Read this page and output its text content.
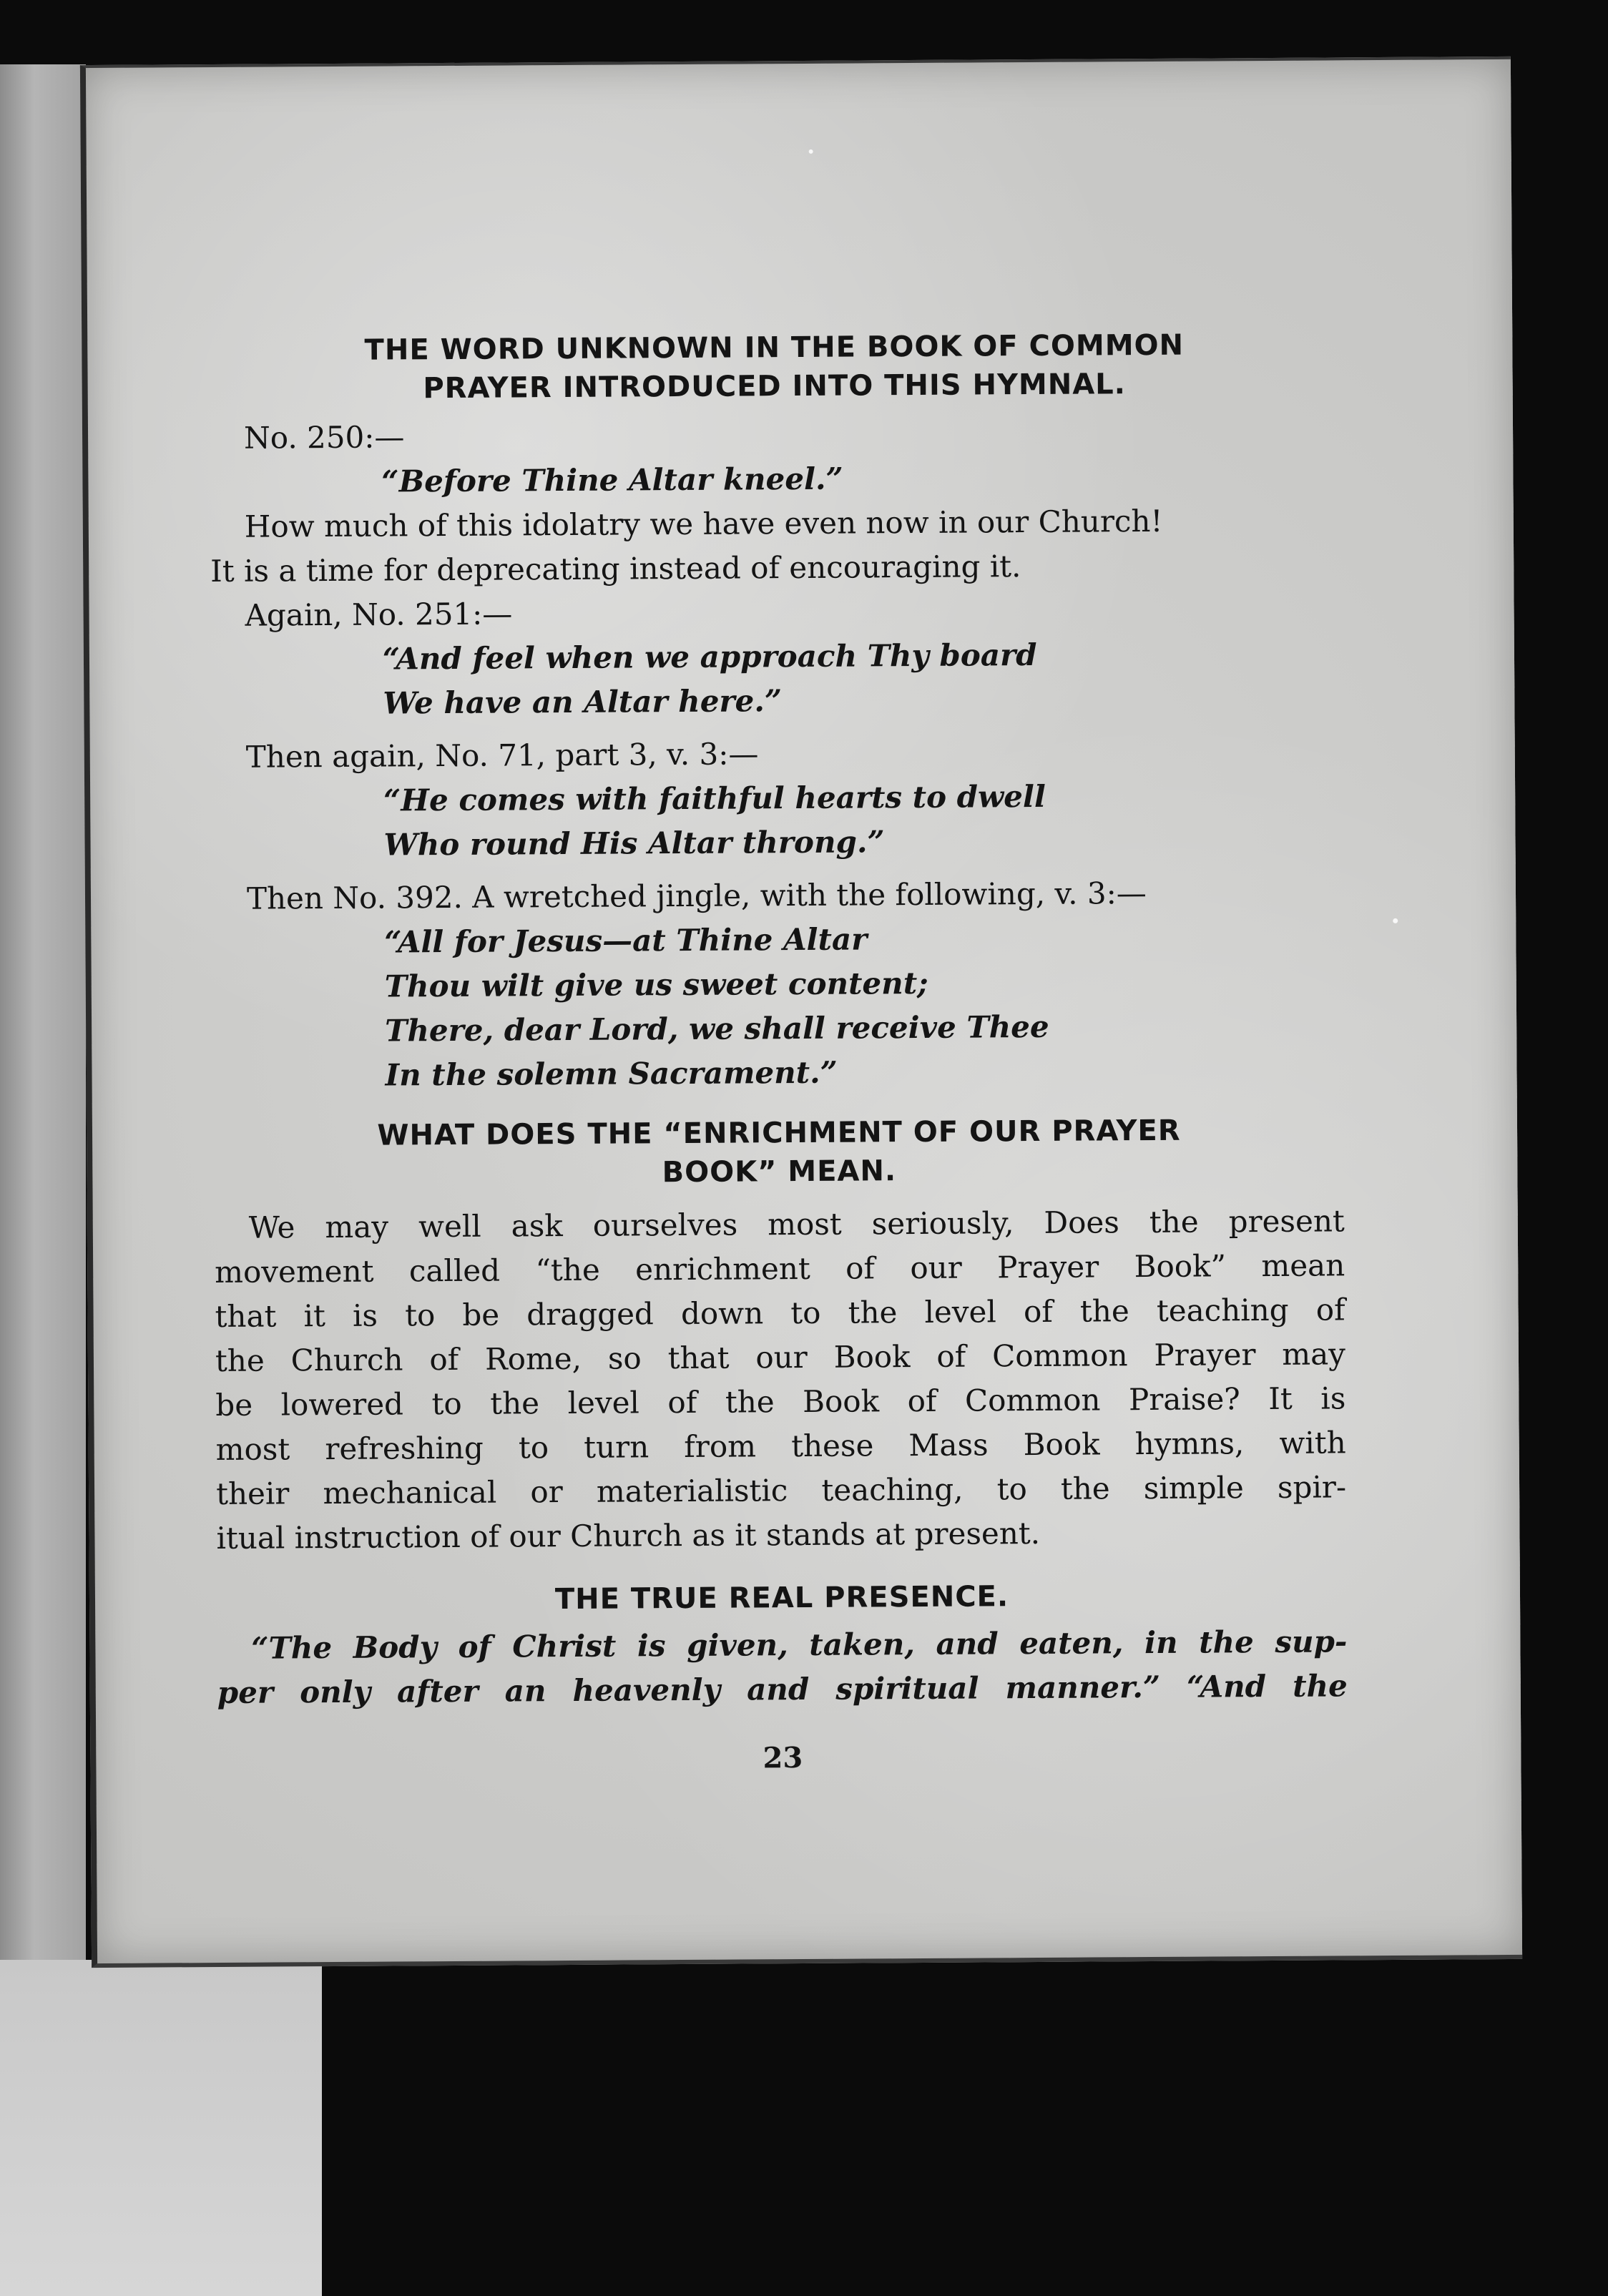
THE WORD UNKNOWN IN THE BOOK OF COMMON
PRAYER INTRODUCED INTO THIS HYMNAL.

No. 250:—

“Before Thine Altar kneel.”

How much of this idolatry we have even now in our Church!

It is a time for deprecating instead of encouraging it.

Again, No. 251:—

“And feel when we approach Thy board

We have an Altar here.”

Then again, No. 71, part 3, v. 3:—

“He comes with faithful hearts to dwell

Who round His Altar throng.”

Then No. 392. A wretched jingle, with the following, v. 3:—

“All for Jesus—at Thine Altar

Thou wilt give us sweet content;

There, dear Lord, we shall receive Thee

In the solemn Sacrament.”

WHAT DOES THE “ENRICHMENT OF OUR PRAYER
BOOK” MEAN.

We may well ask ourselves most seriously, Does the present

movement called “the enrichment of our Prayer Book” mean

that it is to be dragged down to the level of the teaching of

the Church of Rome, so that our Book of Common Prayer may

be lowered to the level of the Book of Common Praise? It is

most refreshing to turn from these Mass Book hymns, with

their mechanical or materialistic teaching, to the simple spir-

itual instruction of our Church as it stands at present.

THE TRUE REAL PRESENCE.

“The Body of Christ is given, taken, and eaten, in the sup-

per only after an heavenly and spiritual manner.” “And the

23
